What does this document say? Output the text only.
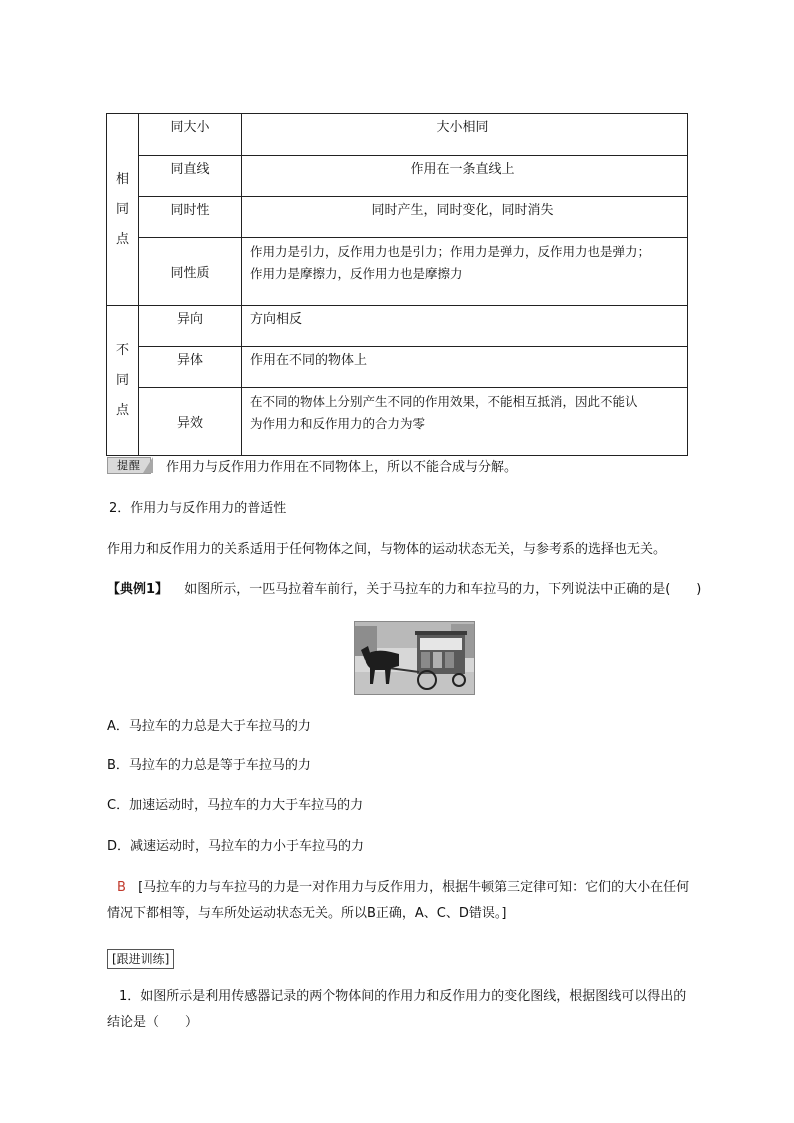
相
同
点	同大小	大小相同

	同直线	作用在一条直线上

	同时性	同时产生，同时变化，同时消失

	同性质	作用力是引力，反作用力也是引力；作用力是弹力，反作用力也是弹力；
作用力是摩擦力，反作用力也是摩擦力

不
同
点	异向	方向相反

	异体	作用在不同的物体上

	异效	在不同的物体上分别产生不同的作用效果，不能相互抵消，因此不能认
为作用力和反作用力的合力为零
提醒	作用力与反作用力作用在不同物体上，所以不能合成与分解。
2．作用力与反作用力的普适性
作用力和反作用力的关系适用于任何物体之间，与物体的运动状态无关，与参考系的选择也无关。
【典例1】 如图所示，一匹马拉着车前行，关于马拉车的力和车拉马的力，下列说法中正确的是(　　)
A．马拉车的力总是大于车拉马的力
B．马拉车的力总是等于车拉马的力
C．加速运动时，马拉车的力大于车拉马的力
D．减速运动时，马拉车的力小于车拉马的力
B [马拉车的力与车拉马的力是一对作用力与反作用力，根据牛顿第三定律可知：它们的大小在任何
情况下都相等，与车所处运动状态无关。所以B正确，A、C、D错误。]
[跟进训练]
1．如图所示是利用传感器记录的两个物体间的作用力和反作用力的变化图线，根据图线可以得出的
结论是（　　）
